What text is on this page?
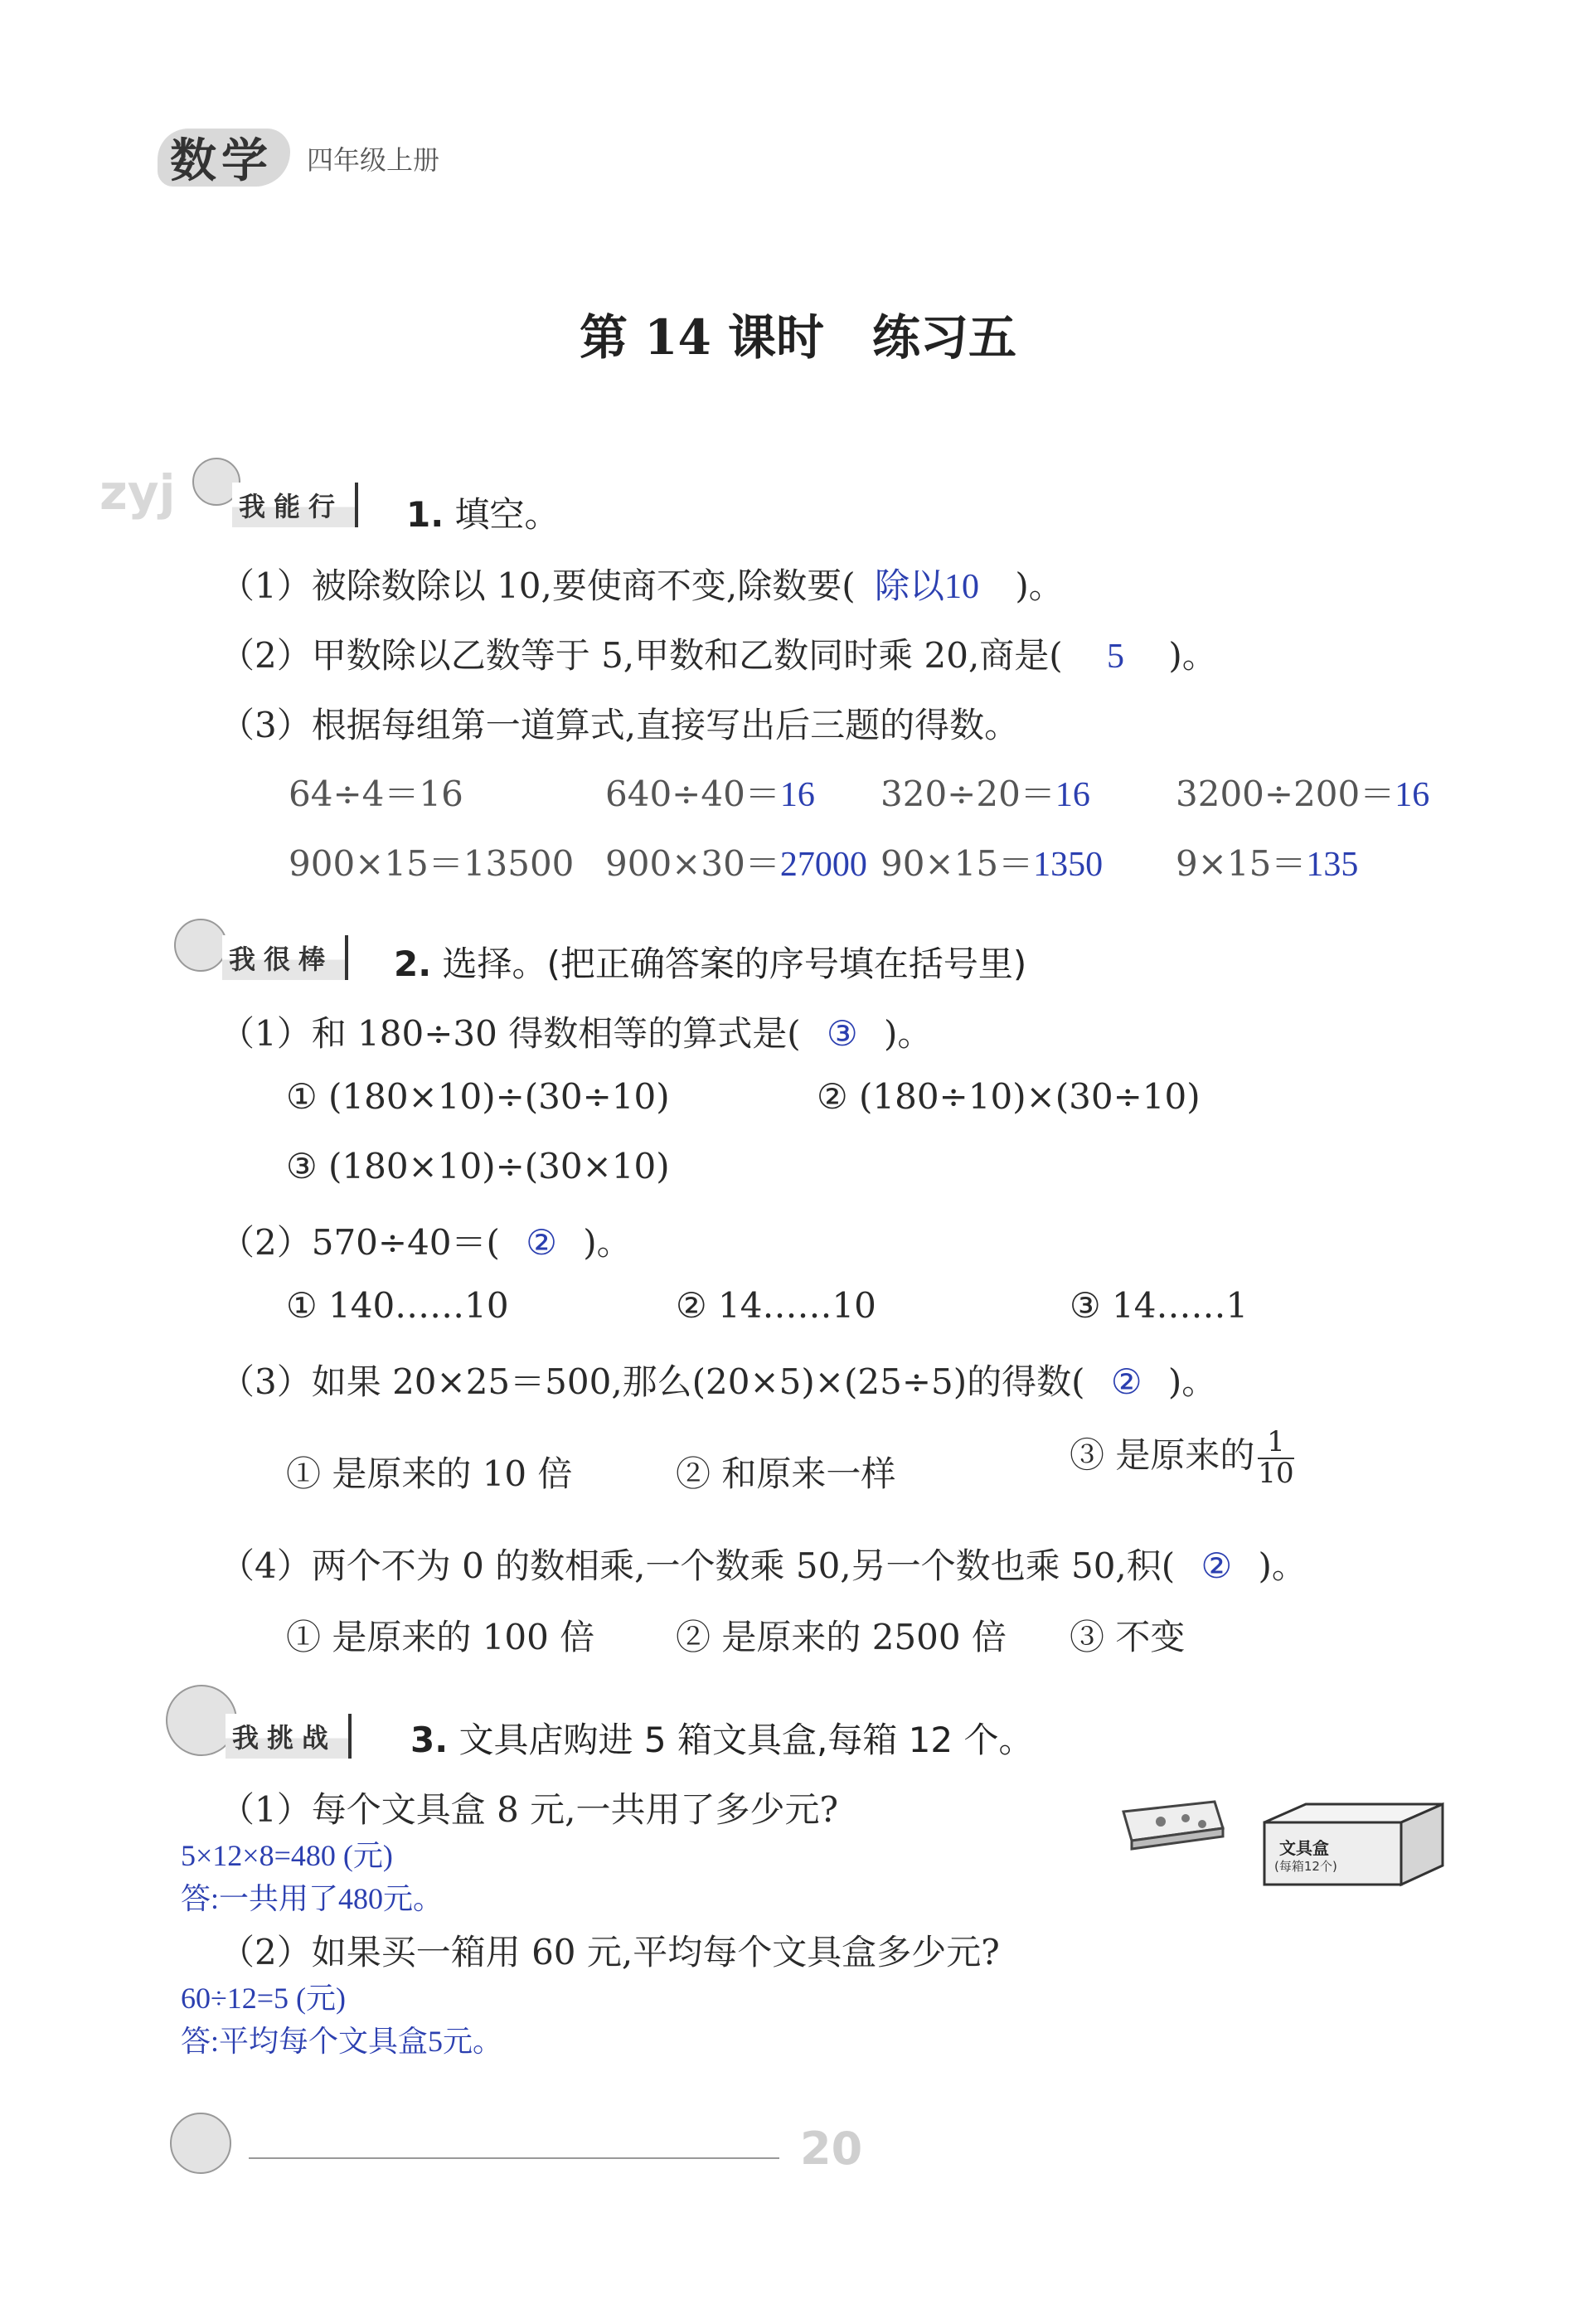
数学 四年级上册
第 14 课时　练习五
zyj 我能行	1. 填空。
（1）被除数除以 10,要使商不变,除数要( 除以10 )。
（2）甲数除以乙数等于 5,甲数和乙数同时乘 20,商是( 5 )。
（3）根据每组第一道算式,直接写出后三题的得数。
64÷4＝16	640÷40＝16 320÷20＝16 3200÷200＝16
900×15＝13500 900×30＝27000 90×15＝1350 9×15＝135
我很棒	2. 选择。(把正确答案的序号填在括号里)
（1）和 180÷30 得数相等的算式是( ③ )。
① (180×10)÷(30÷10)	② (180÷10)×(30÷10)
③ (180×10)÷(30×10)
（2）570÷40＝( ② )。
① 140……10	② 14……10	③ 14……1
（3）如果 20×25＝500,那么(20×5)×(25÷5)的得数( ② )。
① 是原来的 10 倍	② 和原来一样	③ 是原来的 $\frac{1}{10}$
（4）两个不为 0 的数相乘,一个数乘 50,另一个数也乘 50,积( ② )。
① 是原来的 100 倍 ② 是原来的 2500 倍 ③ 不变
我挑战	3. 文具店购进 5 箱文具盒,每箱 12 个。
（1）每个文具盒 8 元,一共用了多少元?
5×12×8=480 (元)
答:一共用了480元。
（2）如果买一箱用 60 元,平均每个文具盒多少元?
60÷12=5 (元)
答:平均每个文具盒5元。
文具盒
(每箱12个)
20
